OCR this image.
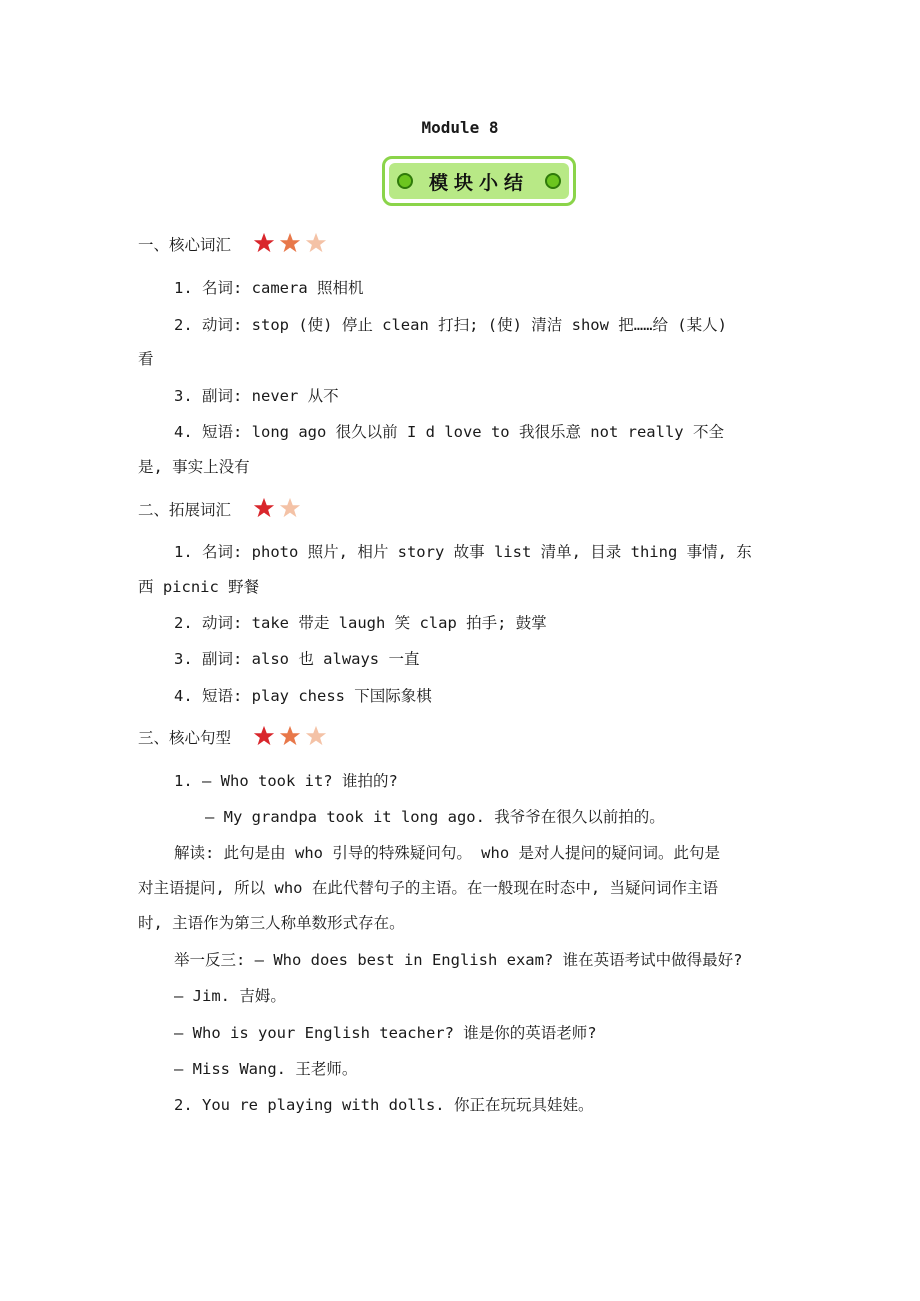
Module 8
模块小结
一、核心词汇
1. 名词: camera 照相机
2. 动词: stop (使) 停止 clean 打扫; (使) 清洁 show 把……给 (某人)
看
3. 副词: never 从不
4. 短语: long ago 很久以前 I d love to 我很乐意 not really 不全
是, 事实上没有
二、拓展词汇
1. 名词: photo 照片, 相片 story 故事 list 清单, 目录 thing 事情, 东
西 picnic 野餐
2. 动词: take 带走 laugh 笑 clap 拍手; 鼓掌
3. 副词: also 也 always 一直
4. 短语: play chess 下国际象棋
三、核心句型
1. — Who took it? 谁拍的?
— My grandpa took it long ago. 我爷爷在很久以前拍的。
解读: 此句是由 who 引导的特殊疑问句。 who 是对人提问的疑问词。此句是
对主语提问, 所以 who 在此代替句子的主语。在一般现在时态中, 当疑问词作主语
时, 主语作为第三人称单数形式存在。
举一反三: — Who does best in English exam? 谁在英语考试中做得最好?
— Jim. 吉姆。
— Who is your English teacher? 谁是你的英语老师?
— Miss Wang. 王老师。
2. You re playing with dolls. 你正在玩玩具娃娃。
